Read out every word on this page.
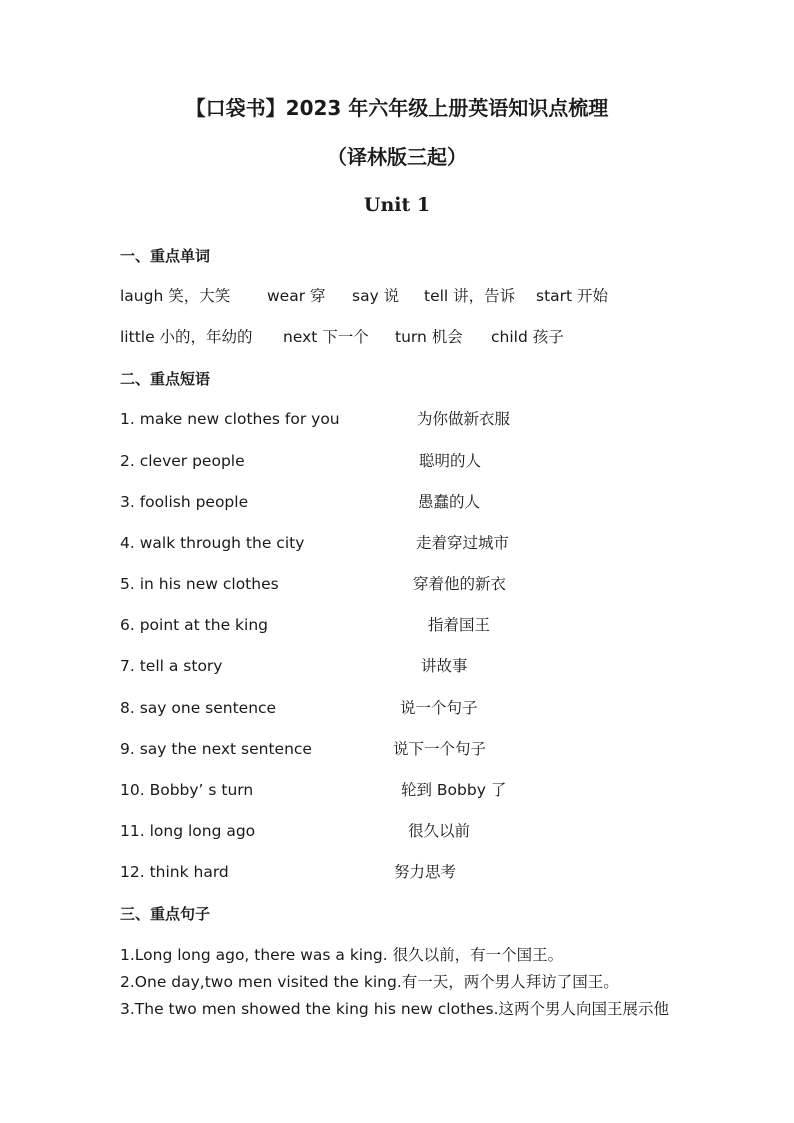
【口袋书】2023 年六年级上册英语知识点梳理
（译林版三起）
Unit 1
一、重点单词
laugh 笑，大笑 wear 穿 say 说 tell 讲，告诉 start 开始
little 小的，年幼的 next 下一个 turn 机会 child 孩子
二、重点短语
1. make new clothes for you	为你做新衣服
2. clever people	聪明的人
3. foolish people	愚蠢的人
4. walk through the city	走着穿过城市
5. in his new clothes	穿着他的新衣
6. point at the king	指着国王
7. tell a story	讲故事
8. say one sentence	说一个句子
9. say the next sentence	说下一个句子
10. Bobby’ s turn	轮到 Bobby 了
11. long long ago	很久以前
12. think hard	努力思考
三、重点句子
1.Long long ago, there was a king. 很久以前，有一个国王。
2.One day,two men visited the king.有一天，两个男人拜访了国王。
3.The two men showed the king his new clothes.这两个男人向国王展示他
